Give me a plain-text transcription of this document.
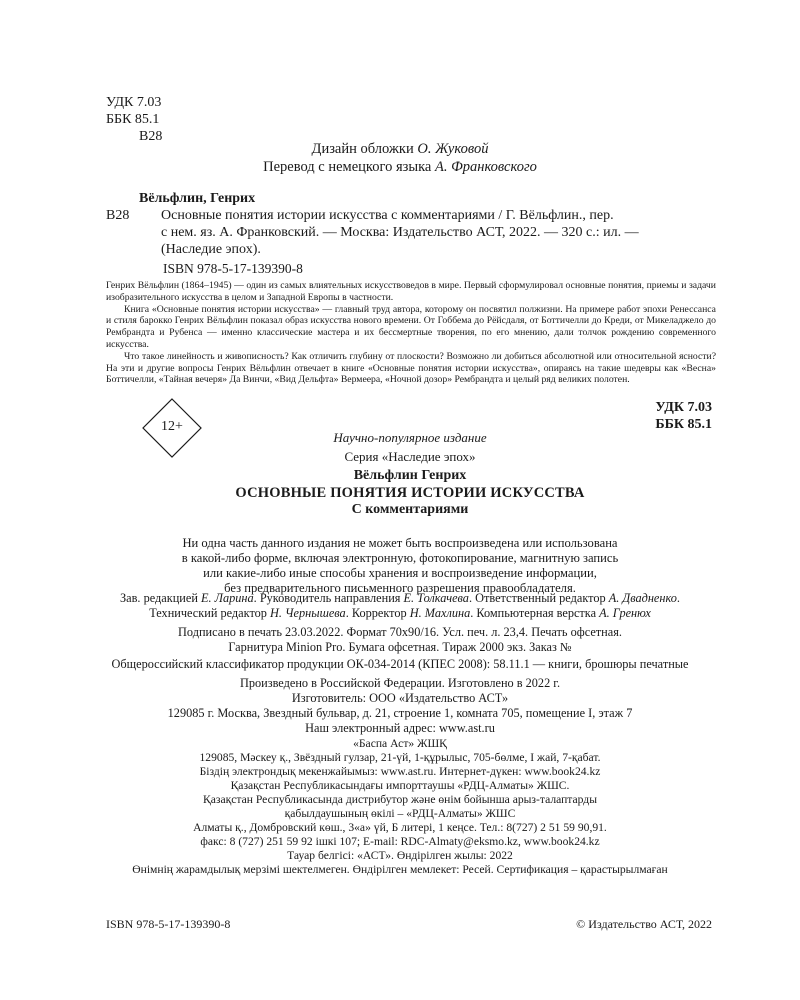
УДК 7.03
ББК 85.1
В28
Дизайн обложки О. Жуковой
Перевод с немецкого языка А. Франковского
Вёльфлин, Генрих
В28 Основные понятия истории искусства с комментариями / Г. Вёльфлин., пер.
с нем. яз. А. Франковский. — Москва: Издательство АСТ, 2022. — 320 с.: ил. —
(Наследие эпох).
ISBN 978-5-17-139390-8

Генрих Вёльфлин (1864–1945) — один из самых влиятельных искусствоведов в мире. Первый сформулировал основные понятия, приемы и задачи изобразительного искусства в целом и Западной Европы в частности.

Книга «Основные понятия истории искусства» — главный труд автора, которому он посвятил полжизни. На примере работ эпохи Ренессанса и стиля барокко Генрих Вёльфлин показал образ искусства нового времени. От Гоббема до Рёйсдаля, от Боттичелли до Креди, от Микеладжело до Рембрандта и Рубенса — именно классические мастера и их бессмертные творения, по его мнению, дали толчок рождению современного искусства.

Что такое линейность и живописность? Как отличить глубину от плоскости? Возможно ли добиться абсолютной или относительной ясности? На эти и другие вопросы Генрих Вёльфлин отвечает в книге «Основные понятия истории искусства», опираясь на такие шедевры как «Весна» Боттичелли, «Тайная вечеря» Да Винчи, «Вид Дельфта» Вермеера, «Ночной дозор» Рембрандта и целый ряд великих полотен.

УДК 7.03
ББК 85.1
12+
Научно-популярное издание
Серия «Наследие эпох»
Вёльфлин Генрих
ОСНОВНЫЕ ПОНЯТИЯ ИСТОРИИ ИСКУССТВА
С комментариями
Ни одна часть данного издания не может быть воспроизведена или использована
в какой-либо форме, включая электронную, фотокопирование, магнитную запись
или какие-либо иные способы хранения и воспроизведение информации,
без предварительного письменного разрешения правообладателя.
Зав. редакцией Е. Ларина. Руководитель направления Е. Толкачева. Ответственный редактор А. Двадненко.
Технический редактор Н. Чернышева. Корректор Н. Махлина. Компьютерная верстка А. Гренюх
Подписано в печать 23.03.2022. Формат 70х90/16. Усл. печ. л. 23,4. Печать офсетная.
Гарнитура Minion Pro. Бумага офсетная. Тираж 2000 экз. Заказ №
Общероссийский классификатор продукции ОК-034-2014 (КПЕС 2008): 58.11.1 — книги, брошюры печатные
Произведено в Российской Федерации. Изготовлено в 2022 г.
Изготовитель: ООО «Издательство АСТ»
129085 г. Москва, Звездный бульвар, д. 21, строение 1, комната 705, помещение I, этаж 7
Наш электронный адрес: www.ast.ru
«Баспа Аст» ЖШҚ
129085, Мәскеу қ., Звёздный гулзар, 21-үй, 1-құрылыс, 705-бөлме, I жай, 7-қабат.
Біздің электрондық мекенжайымыз: www.ast.ru. Интернет-дүкен: www.book24.kz
Қазақстан Республикасындағы импорттаушы «РДЦ-Алматы» ЖШС.
Қазақстан Республикасында дистрибутор және өнім бойынша арыз-талаптарды
қабылдаушының өкілі – «РДЦ-Алматы» ЖШС
Алматы қ., Домбровский көш., 3«а» үй, Б литері, 1 кеңсе. Тел.: 8(727) 2 51 59 90,91.
факс: 8 (727) 251 59 92 ішкі 107; E-mail: RDC-Almaty@eksmo.kz, www.book24.kz
Тауар белгісі: «АСТ». Өндірілген жылы: 2022
Өнімнің жарамдылық мерзімі шектелмеген. Өндірілген мемлекет: Ресей. Сертификация – қарастырылмаған
ISBN 978-5-17-139390-8	© Издательство АСТ, 2022
